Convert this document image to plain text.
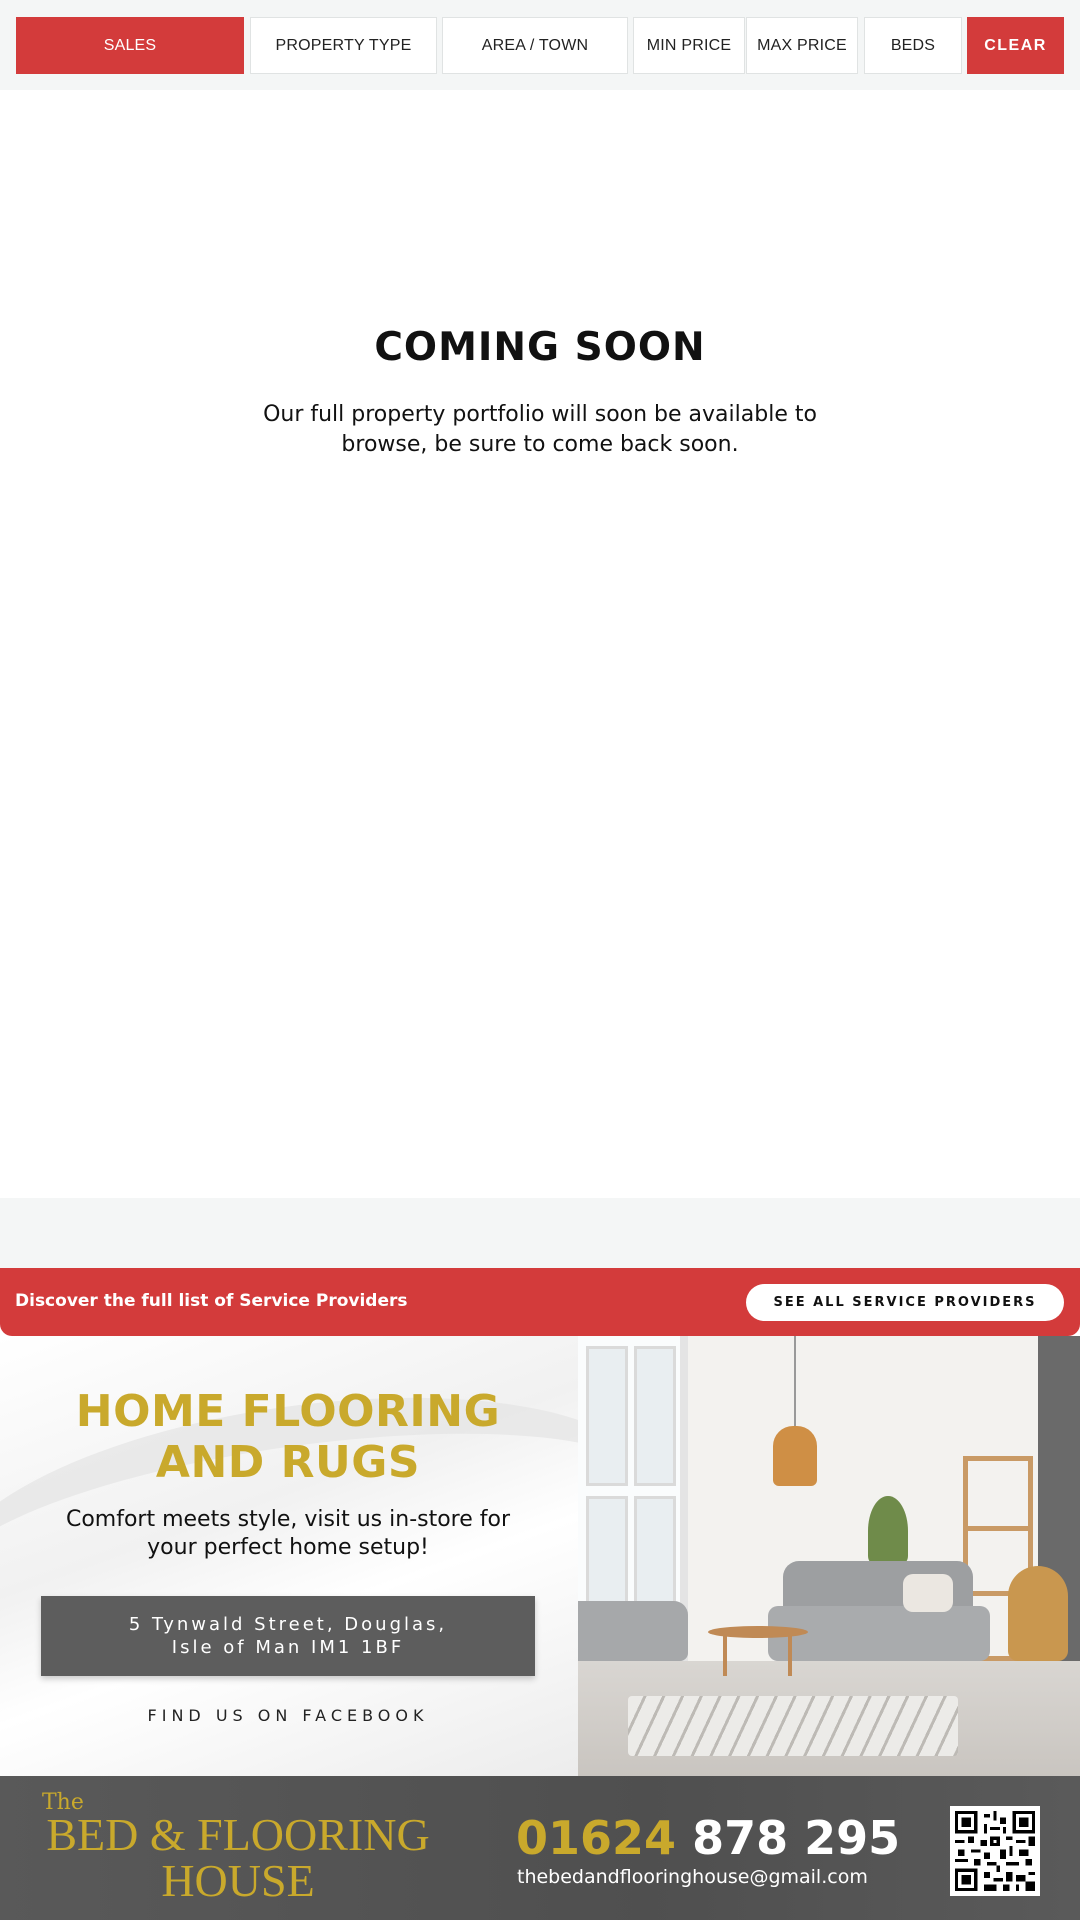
SALES	PROPERTY TYPE	AREA / TOWN	MIN PRICE	MAX PRICE	BEDS	CLEAR
COMING SOON
Our full property portfolio will soon be available to browse, be sure to come back soon.
Discover the full list of Service Providers	SEE ALL SERVICE PROVIDERS
HOME FLOORING
AND RUGS
Comfort meets style, visit us in-store for your perfect home setup!
5 Tynwald Street, Douglas,
Isle of Man IM1 1BF
FIND US ON FACEBOOK
The
BED & FLOORING
HOUSE
01624 878 295
thebedandflooringhouse@gmail.com
